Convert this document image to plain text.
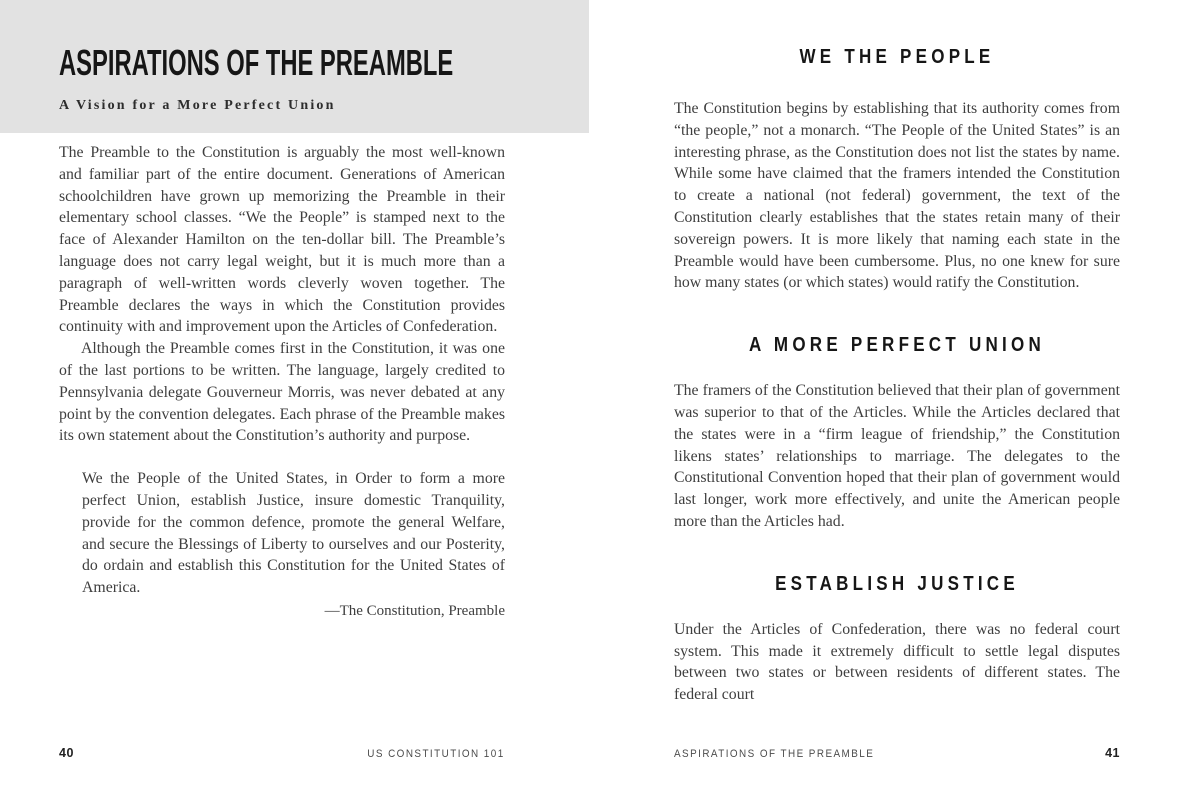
ASPIRATIONS OF THE PREAMBLE
A Vision for a More Perfect Union

The Preamble to the Constitution is arguably the most well-known and familiar part of the entire document. Generations of American schoolchildren have grown up memorizing the Preamble in their elementary school classes. “We the People” is stamped next to the face of Alexander Hamilton on the ten-dollar bill. The Preamble’s language does not carry legal weight, but it is much more than a paragraph of well-written words cleverly woven together. The Preamble declares the ways in which the Constitution provides continuity with and improvement upon the Articles of Confederation.

Although the Preamble comes first in the Constitution, it was one of the last portions to be written. The language, largely credited to Pennsylvania delegate Gouverneur Morris, was never debated at any point by the convention delegates. Each phrase of the Preamble makes its own statement about the Constitution’s authority and purpose.

We the People of the United States, in Order to form a more perfect Union, establish Justice, insure domestic Tranquility, provide for the common defence, promote the general Welfare, and secure the Blessings of Liberty to ourselves and our Posterity, do ordain and establish this Constitution for the United States of America.
—The Constitution, Preamble
40	US CONSTITUTION 101
WE THE PEOPLE

The Constitution begins by establishing that its authority comes from “the people,” not a monarch. “The People of the United States” is an interesting phrase, as the Constitution does not list the states by name. While some have claimed that the framers intended the Constitution to create a national (not federal) government, the text of the Constitution clearly establishes that the states retain many of their sovereign powers. It is more likely that naming each state in the Preamble would have been cumbersome. Plus, no one knew for sure how many states (or which states) would ratify the Constitution.

A MORE PERFECT UNION

The framers of the Constitution believed that their plan of government was superior to that of the Articles. While the Articles declared that the states were in a “firm league of friendship,” the Constitution likens states’ relationships to marriage. The delegates to the Constitutional Convention hoped that their plan of government would last longer, work more effectively, and unite the American people more than the Articles had.

ESTABLISH JUSTICE

Under the Articles of Confederation, there was no federal court system. This made it extremely difficult to settle legal disputes between two states or between residents of different states. The federal court

ASPIRATIONS OF THE PREAMBLE	41
